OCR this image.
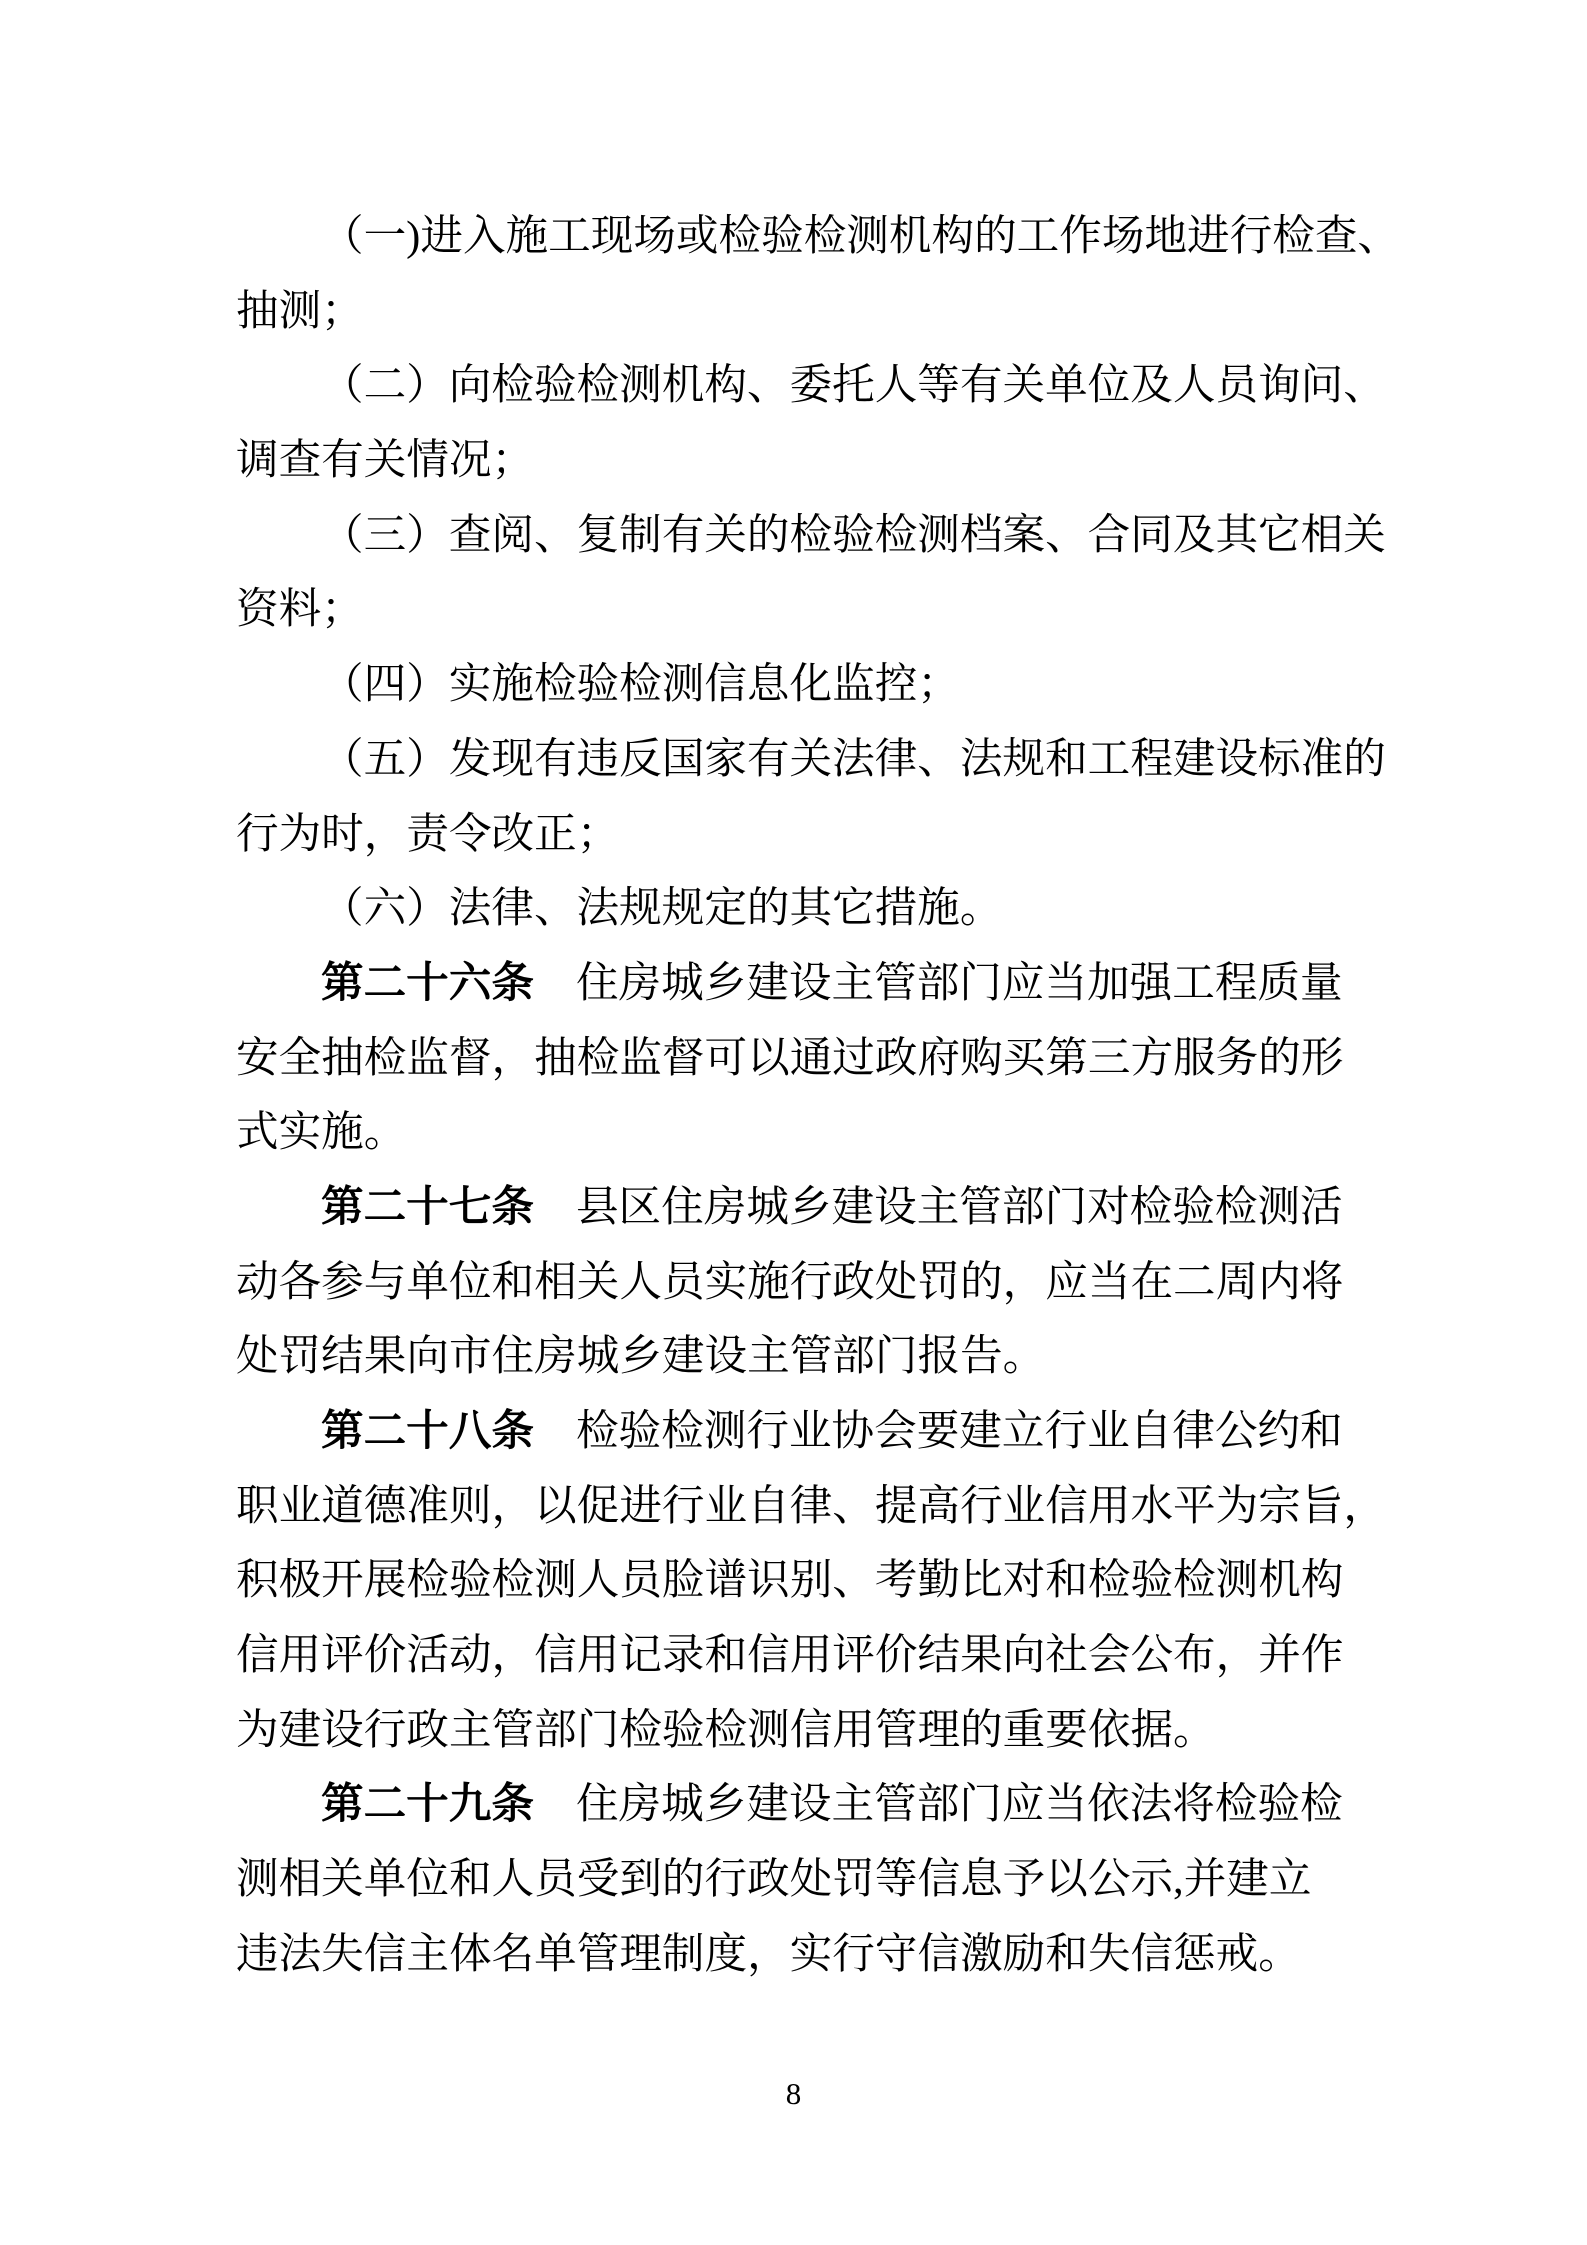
（一)进入施工现场或检验检测机构的工作场地进行检查、
抽测；
（二）向检验检测机构、委托人等有关单位及人员询问、
调查有关情况；
（三）查阅、复制有关的检验检测档案、合同及其它相关
资料；
（四）实施检验检测信息化监控；
（五）发现有违反国家有关法律、法规和工程建设标准的
行为时，责令改正；
（六）法律、法规规定的其它措施。
第二十六条 住房城乡建设主管部门应当加强工程质量
安全抽检监督，抽检监督可以通过政府购买第三方服务的形
式实施。
第二十七条 县区住房城乡建设主管部门对检验检测活
动各参与单位和相关人员实施行政处罚的，应当在二周内将
处罚结果向市住房城乡建设主管部门报告。
第二十八条 检验检测行业协会要建立行业自律公约和
职业道德准则，以促进行业自律、提高行业信用水平为宗旨，
积极开展检验检测人员脸谱识别、考勤比对和检验检测机构
信用评价活动，信用记录和信用评价结果向社会公布，并作
为建设行政主管部门检验检测信用管理的重要依据。
第二十九条 住房城乡建设主管部门应当依法将检验检
测相关单位和人员受到的行政处罚等信息予以公示,并建立
违法失信主体名单管理制度，实行守信激励和失信惩戒。
8
